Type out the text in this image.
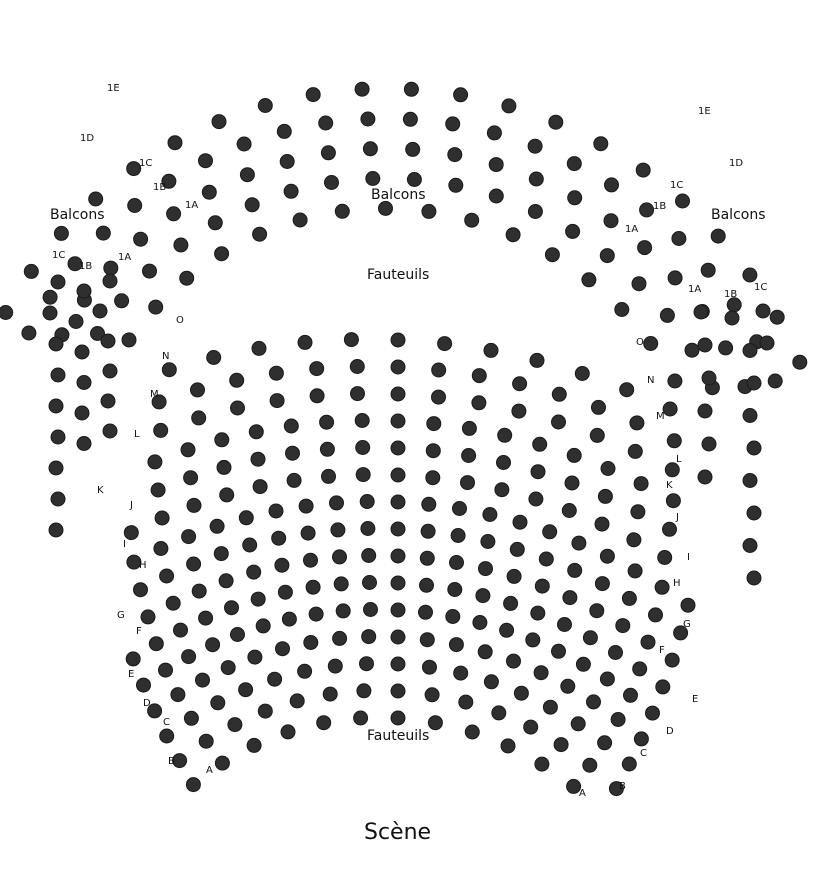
Balcons
Balcons
Balcons
Fauteuils
Fauteuils
Scène
1E
1D
1C
1B
1A
1E
1D
1C
1B
1A
1C
1B
1A
1A 1B
1C
O
N
M
L
K
J
I
H
G
F
E
D
C
B
A
O
N
M
L
K
J
I
H
G
F
E
D
C
B
A
